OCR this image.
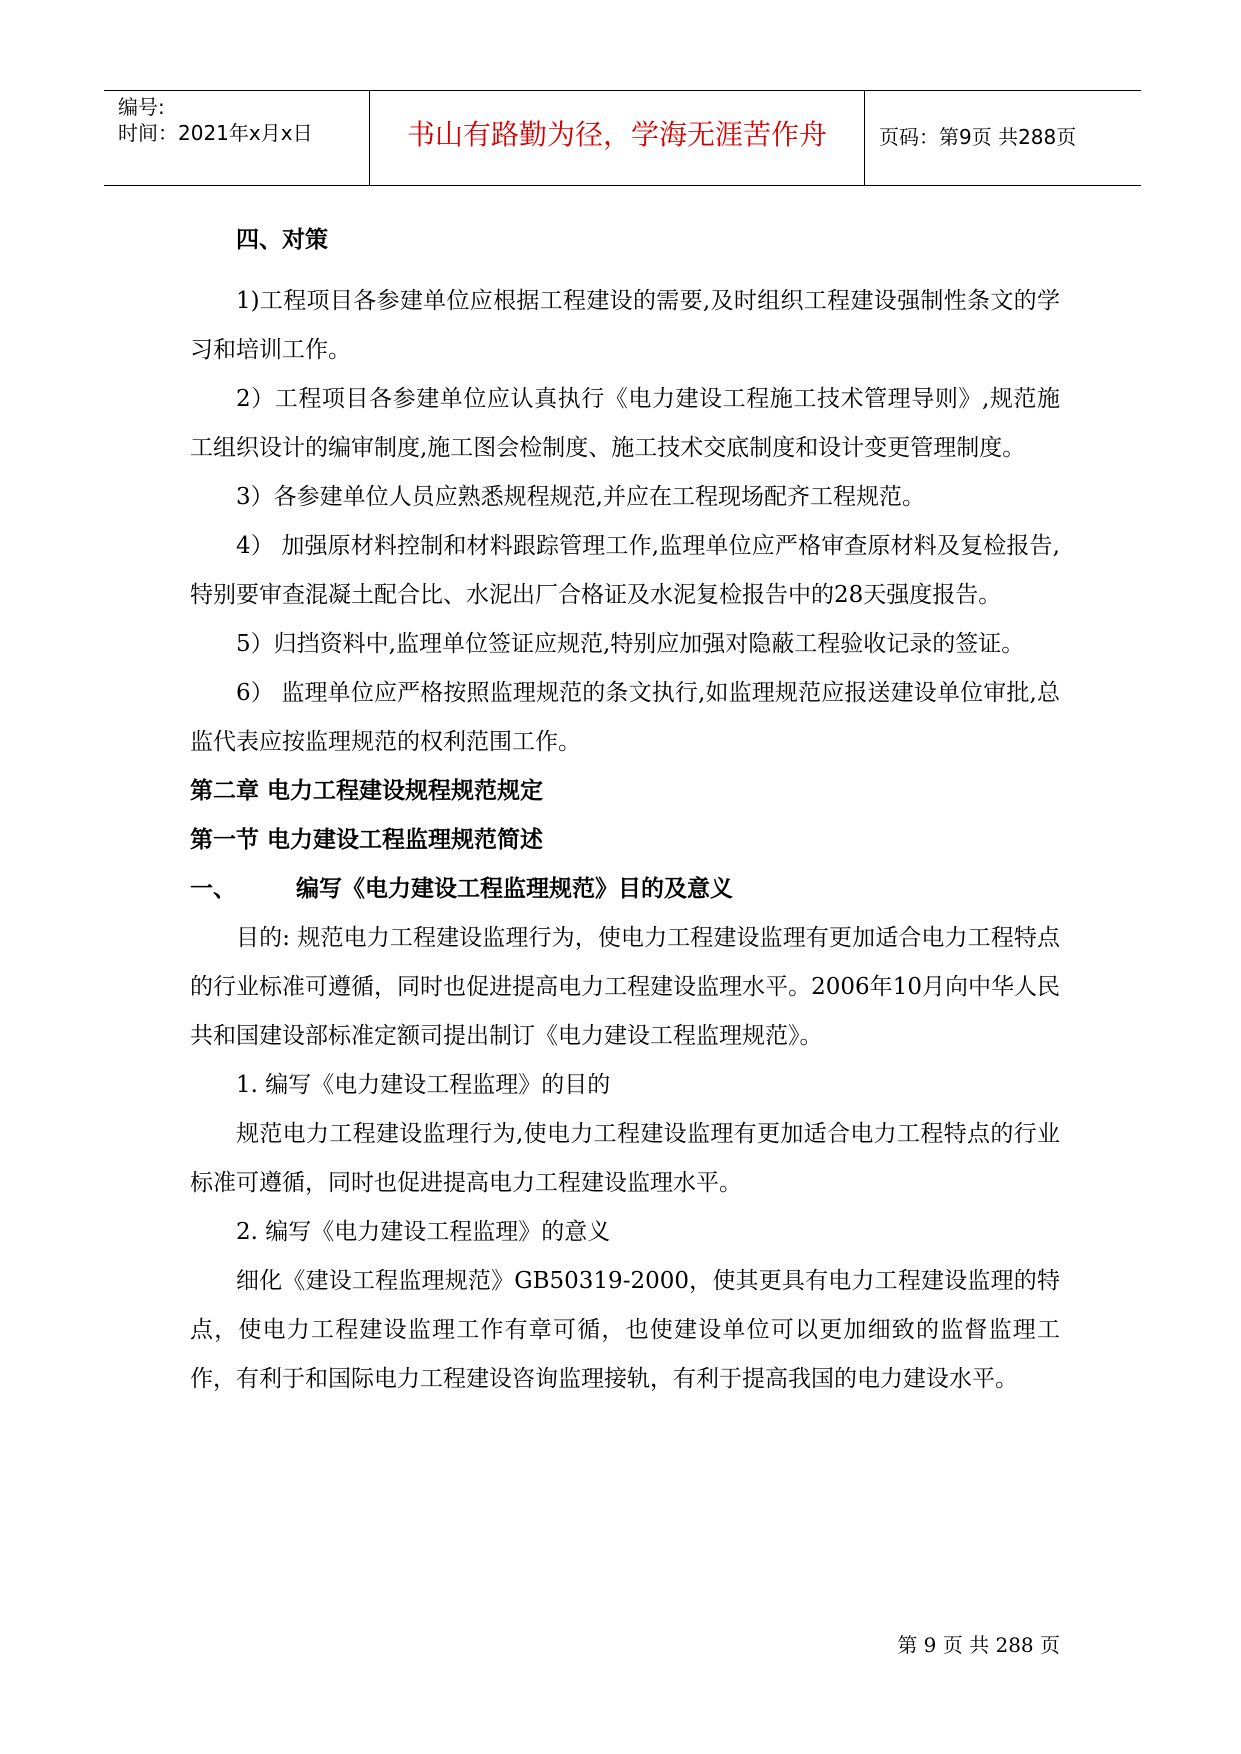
编号:
时间：2021年x月x日	书山有路勤为径，学海无涯苦作舟	页码：第9页 共288页
四、对策

1)工程项目各参建单位应根据工程建设的需要,及时组织工程建设强制性条文的学习和培训工作。

2）工程项目各参建单位应认真执行《电力建设工程施工技术管理导则》,规范施工组织设计的编审制度,施工图会检制度、施工技术交底制度和设计变更管理制度。

3）各参建单位人员应熟悉规程规范,并应在工程现场配齐工程规范。

4） 加强原材料控制和材料跟踪管理工作,监理单位应严格审查原材料及复检报告,特别要审查混凝土配合比、水泥出厂合格证及水泥复检报告中的28天强度报告。

5）归挡资料中,监理单位签证应规范,特别应加强对隐蔽工程验收记录的签证。

6） 监理单位应严格按照监理规范的条文执行,如监理规范应报送建设单位审批,总监代表应按监理规范的权利范围工作。

第二章 电力工程建设规程规范规定
第一节 电力建设工程监理规范简述
一、	编写《电力建设工程监理规范》目的及意义

目的: 规范电力工程建设监理行为，使电力工程建设监理有更加适合电力工程特点的行业标准可遵循，同时也促进提高电力工程建设监理水平。2006年10月向中华人民共和国建设部标准定额司提出制订《电力建设工程监理规范》。

1. 编写《电力建设工程监理》的目的

规范电力工程建设监理行为,使电力工程建设监理有更加适合电力工程特点的行业标准可遵循，同时也促进提高电力工程建设监理水平。

2. 编写《电力建设工程监理》的意义

细化《建设工程监理规范》GB50319-2000，使其更具有电力工程建设监理的特点，使电力工程建设监理工作有章可循，也使建设单位可以更加细致的监督监理工作，有利于和国际电力工程建设咨询监理接轨，有利于提高我国的电力建设水平。

第 9 页 共 288 页
